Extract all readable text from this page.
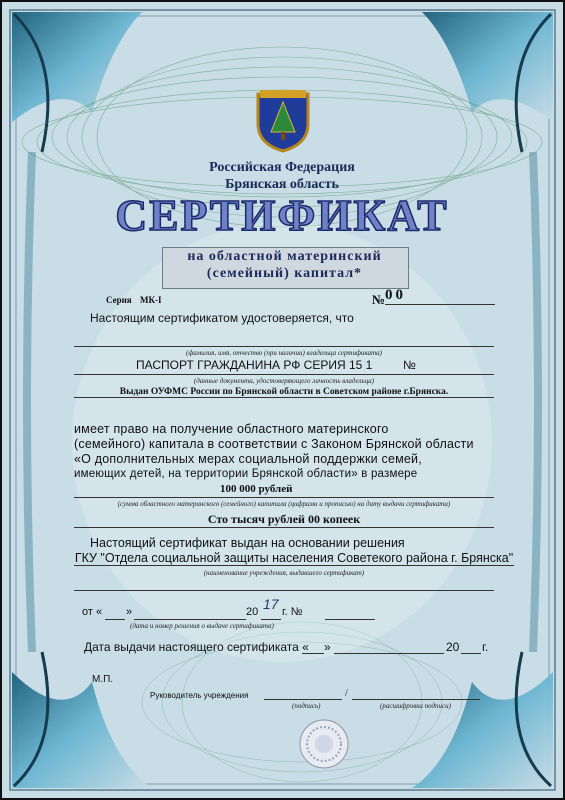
Российская Федерация
Брянская область
СЕРТИФИКАТ
на областной материнский
(семейный) капитал*
Серия МК-I	№ 00
Настоящим сертификатом удостоверяется, что
(фамилия, имя, отчество (при наличии) владельца сертификата)
ПАСПОРТ ГРАЖДАНИНА РФ СЕРИЯ 15 1	№
(данные документа, удостоверяющего личность владельца)
Выдан ОУФМС России по Брянской области в Советском районе г.Брянска.
имеет право на получение областного материнского
(семейного) капитала в соответствии с Законом Брянской области
«О дополнительных мерах социальной поддержки семей,
имеющих детей, на территории Брянской области» в размере
100 000 рублей
(сумма областного материнского (семейного) капитала (цифрами и прописью) на дату выдачи сертификата)
Сто тысяч рублей 00 копеек
Настоящий сертификат выдан на основании решения
ГКУ "Отдела социальной защиты населения Советекого района г. Брянска"
(наименование учреждения, выдавшего сертификат)
от « »	20 17 г. №
(дата и номер решения о выдаче сертификата)
Дата выдачи настоящего сертификата « »	20 г.
М.П.
Руководитель учреждения	/
(подпись)	(расшифровка подписи)
